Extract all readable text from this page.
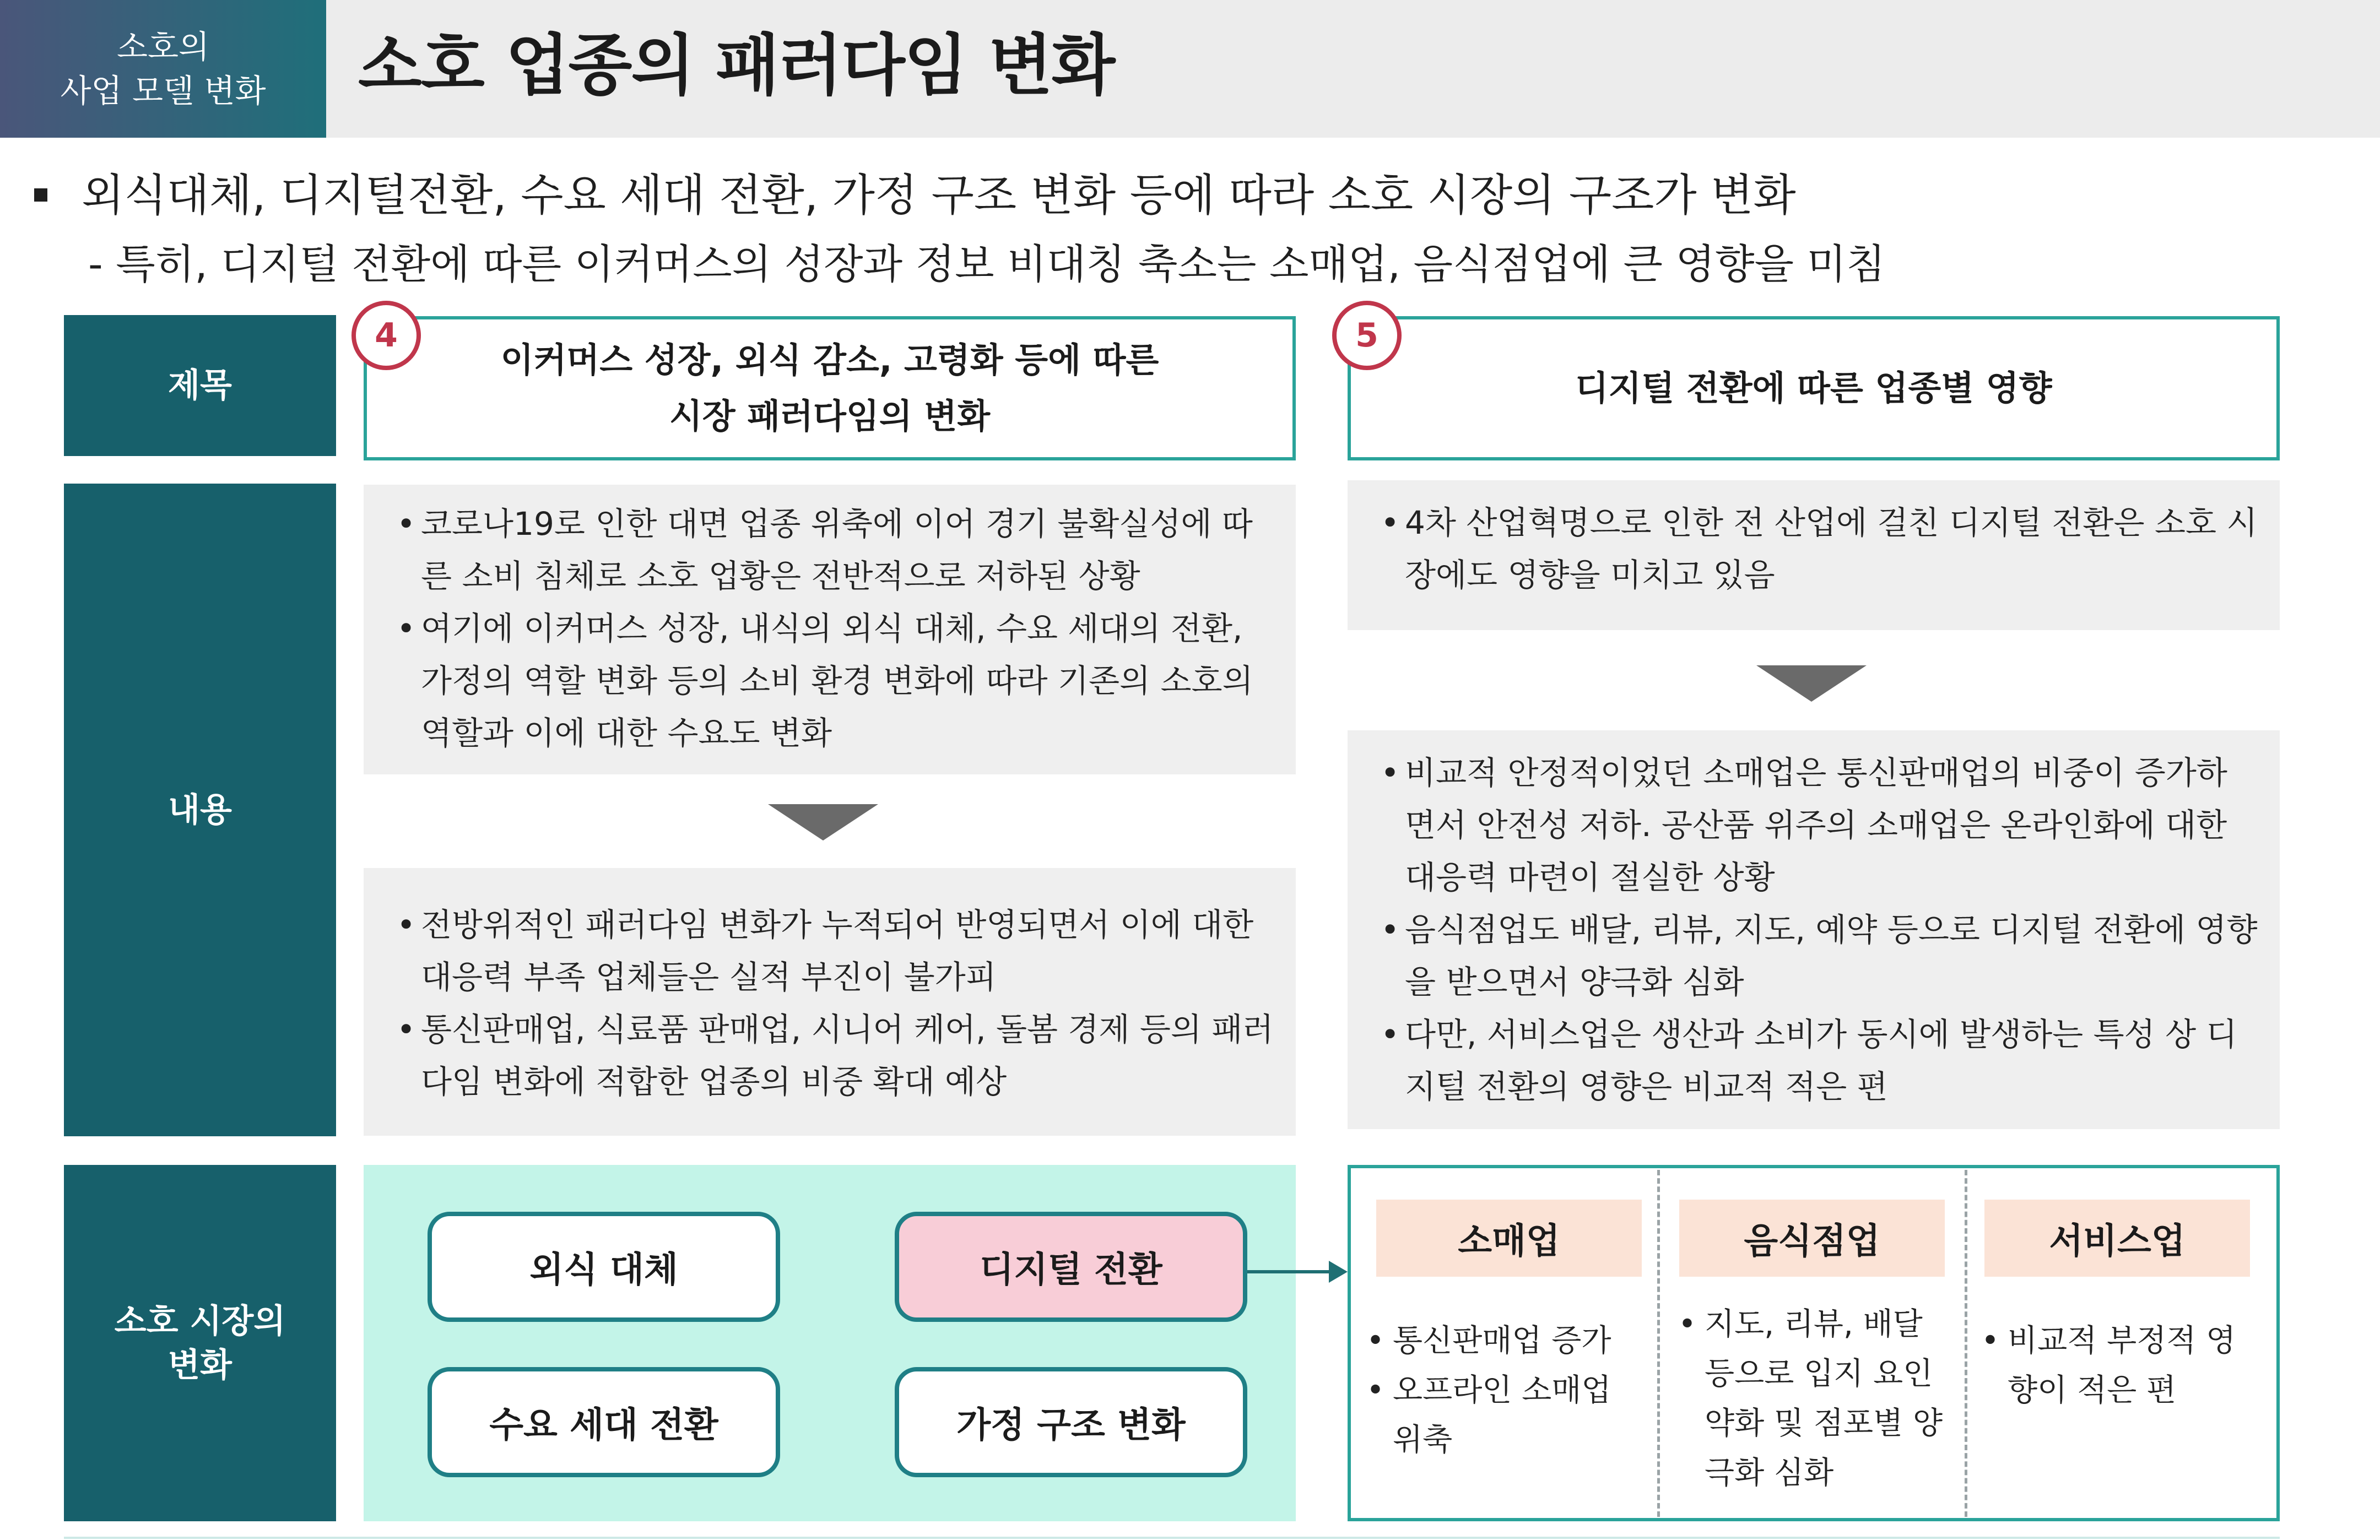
소호의
사업 모델 변화 소호 업종의 패러다임 변화
외식대체, 디지털전환, 수요 세대 전환, 가정 구조 변화 등에 따라 소호 시장의 구조가 변화
- 특히, 디지털 전환에 따른 이커머스의 성장과 정보 비대칭 축소는 소매업, 음식점업에 큰 영향을 미침
제목
내용
소호 시장의
변화
이커머스 성장, 외식 감소, 고령화 등에 따른
시장 패러다임의 변화
4
디지털 전환에 따른 업종별 영향
5
• 코로나19로 인한 대면 업종 위축에 이어 경기 불확실성에 따른 소비 침체로 소호 업황은 전반적으로 저하된 상황
• 여기에 이커머스 성장, 내식의 외식 대체, 수요 세대의 전환, 가정의 역할 변화 등의 소비 환경 변화에 따라 기존의 소호의 역할과 이에 대한 수요도 변화
• 전방위적인 패러다임 변화가 누적되어 반영되면서 이에 대한 대응력 부족 업체들은 실적 부진이 불가피
• 통신판매업, 식료품 판매업, 시니어 케어, 돌봄 경제 등의 패러다임 변화에 적합한 업종의 비중 확대 예상
• 4차 산업혁명으로 인한 전 산업에 걸친 디지털 전환은 소호 시장에도 영향을 미치고 있음
• 비교적 안정적이었던 소매업은 통신판매업의 비중이 증가하면서 안전성 저하. 공산품 위주의 소매업은 온라인화에 대한 대응력 마련이 절실한 상황
• 음식점업도 배달, 리뷰, 지도, 예약 등으로 디지털 전환에 영향을 받으면서 양극화 심화
• 다만, 서비스업은 생산과 소비가 동시에 발생하는 특성 상 디지털 전환의 영향은 비교적 적은 편
외식 대체	디지털 전환
수요 세대 전환	가정 구조 변화
소매업	음식점업	서비스업
• 통신판매업 증가
• 오프라인 소매업 위축
• 지도, 리뷰, 배달 등으로 입지 요인 약화 및 점포별 양극화 심화
• 비교적 부정적 영향이 적은 편
